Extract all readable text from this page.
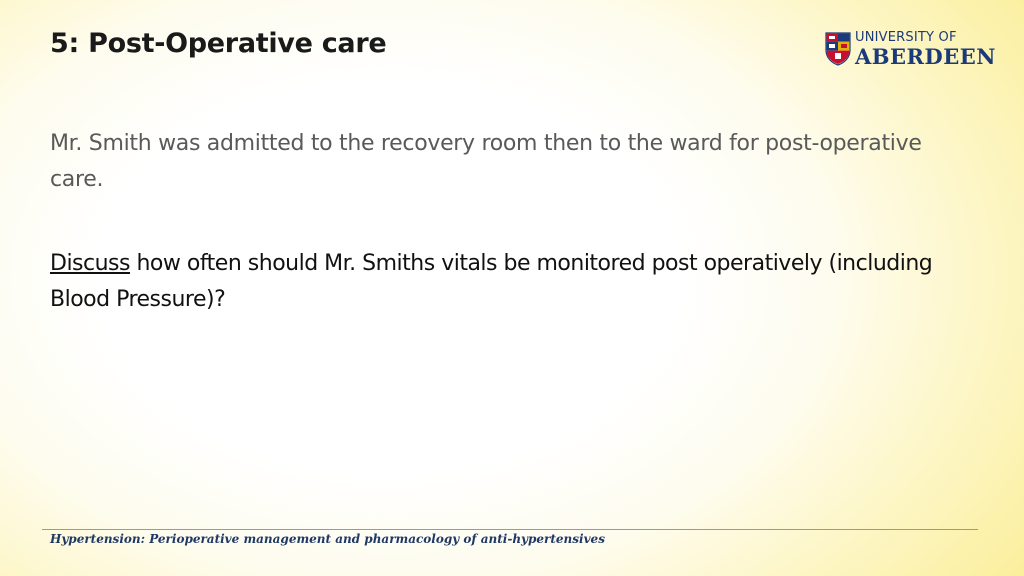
5: Post-Operative care	UNIVERSITY OF
ABERDEEN

Mr. Smith was admitted to the recovery room then to the ward for post-operative care.

Discuss how often should Mr. Smiths vitals be monitored post operatively (including Blood Pressure)?

Hypertension: Perioperative management and pharmacology of anti-hypertensives
